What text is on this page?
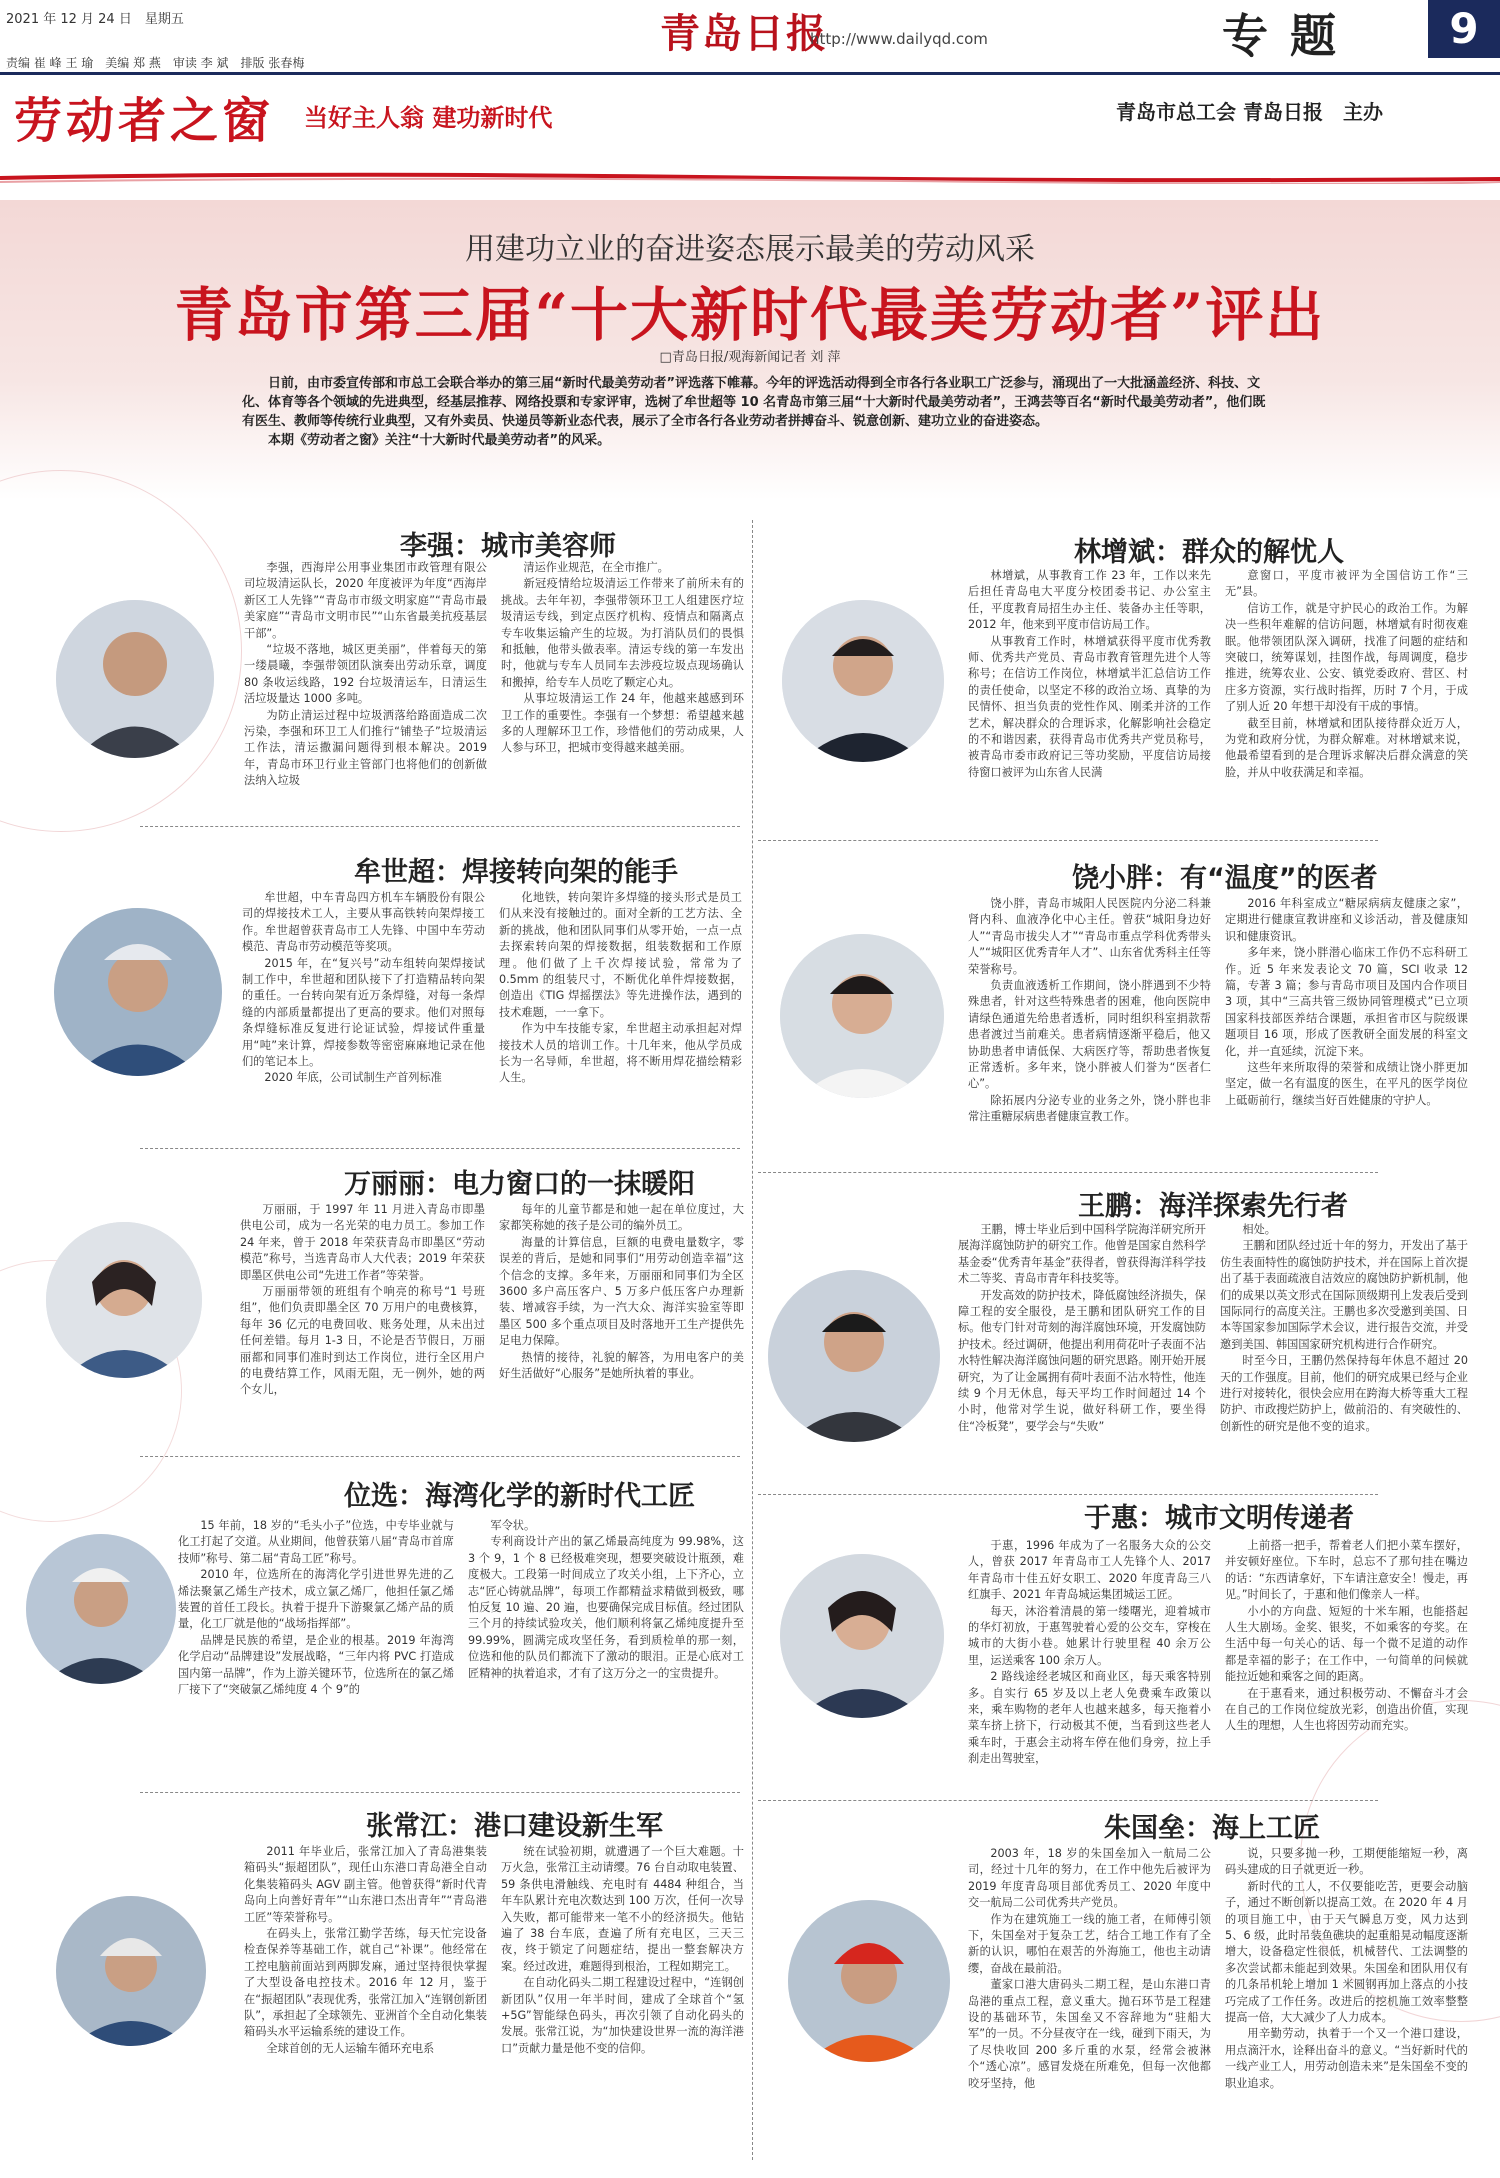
2021 年 12 月 24 日　星期五
责编 崔 峰 王 瑜　美编 郑 燕　审读 李 斌　排版 张春梅
青岛日报
http://www.dailyqd.com	专题	9
劳动者之窗 当好主人翁 建功新时代	青岛市总工会 青岛日报　主办
用建功立业的奋进姿态展示最美的劳动风采
青岛市第三届“十大新时代最美劳动者”评出
□青岛日报/观海新闻记者 刘 萍

日前，由市委宣传部和市总工会联合举办的第三届“新时代最美劳动者”评选落下帷幕。今年的评选活动得到全市各行各业职工广泛参与，涌现出了一大批涵盖经济、科技、文化、体育等各个领域的先进典型，经基层推荐、网络投票和专家评审，选树了牟世超等 10 名青岛市第三届“十大新时代最美劳动者”，王鸿芸等百名“新时代最美劳动者”，他们既有医生、教师等传统行业典型，又有外卖员、快递员等新业态代表，展示了全市各行各业劳动者拼搏奋斗、锐意创新、建功立业的奋进姿态。

本期《劳动者之窗》关注“十大新时代最美劳动者”的风采。

李强：城市美容师

李强，西海岸公用事业集团市政管理有限公司垃圾清运队长，2020 年度被评为年度“西海岸新区工人先锋”“青岛市市级文明家庭”“青岛市最美家庭”“青岛市文明市民”“山东省最美抗疫基层干部”。

“垃圾不落地，城区更美丽”，伴着每天的第一缕晨曦，李强带领团队演奏出劳动乐章，调度 80 条收运线路，192 台垃圾清运车，日清运生活垃圾量达 1000 多吨。

为防止清运过程中垃圾洒落给路面造成二次污染，李强和环卫工人们推行“铺垫子”垃圾清运工作法，清运撒漏问题得到根本解决。2019 年，青岛市环卫行业主管部门也将他们的创新做法纳入垃圾

清运作业规范，在全市推广。

新冠疫情给垃圾清运工作带来了前所未有的挑战。去年年初，李强带领环卫工人组建医疗垃圾清运专线，到定点医疗机构、疫情点和隔离点专车收集运输产生的垃圾。为打消队员们的畏惧和抵触，他带头做表率。清运专线的第一车发出时，他就与专车人员同车去涉疫垃圾点现场确认和搬掉，给专车人员吃了颗定心丸。

从事垃圾清运工作 24 年，他越来越感到环卫工作的重要性。李强有一个梦想：希望越来越多的人理解环卫工作，珍惜他们的劳动成果，人人参与环卫，把城市变得越来越美丽。

牟世超：焊接转向架的能手

牟世超，中车青岛四方机车车辆股份有限公司的焊接技术工人，主要从事高铁转向架焊接工作。牟世超曾获青岛市工人先锋、中国中车劳动模范、青岛市劳动模范等奖项。

2015 年，在“复兴号”动车组转向架焊接试制工作中，牟世超和团队接下了打造精品转向架的重任。一台转向架有近万条焊缝，对每一条焊缝的内部质量都提出了更高的要求。他们对照每条焊缝标准反复进行论证试验，焊接试件重量用“吨”来计算，焊接参数等密密麻麻地记录在他们的笔记本上。

2020 年底，公司试制生产首列标准

化地铁，转向架许多焊缝的接头形式是员工们从来没有接触过的。面对全新的工艺方法、全新的挑战，他和团队同事们从零开始，一点一点去探索转向架的焊接数据，组装数据和工作原理。他们做了上千次焊接试验，常常为了 0.5mm 的组装尺寸，不断优化单件焊接数据，创造出《TIG 焊摇摆法》等先进操作法，遇到的技术难题，一一拿下。

作为中车技能专家，牟世超主动承担起对焊接技术人员的培训工作。十几年来，他从学员成长为一名导师，牟世超，将不断用焊花描绘精彩人生。

万丽丽：电力窗口的一抹暖阳

万丽丽，于 1997 年 11 月进入青岛市即墨供电公司，成为一名光荣的电力员工。参加工作 24 年来，曾于 2018 年荣获青岛市即墨区“劳动模范”称号，当选青岛市人大代表；2019 年荣获即墨区供电公司“先进工作者”等荣誉。

万丽丽带领的班组有个响亮的称号“1 号班组”，他们负责即墨全区 70 万用户的电费核算，每年 36 亿元的电费回收、账务处理，从未出过任何差错。每月 1-3 日，不论是否节假日，万丽丽都和同事们准时到达工作岗位，进行全区用户的电费结算工作，风雨无阻，无一例外，她的两个女儿，

每年的儿童节都是和她一起在单位度过，大家都笑称她的孩子是公司的编外员工。

海量的计算信息，巨额的电费电量数字，零误差的背后，是她和同事们“用劳动创造幸福”这个信念的支撑。多年来，万丽丽和同事们为全区 3600 多户高压客户、5 万多户低压客户办理新装、增减容手续，为一汽大众、海洋实验室等即墨区 500 多个重点项目及时落地开工生产提供先足电力保障。

热情的接待，礼貌的解答，为用电客户的美好生活做好“心服务”是她所执着的事业。

位选：海湾化学的新时代工匠

15 年前，18 岁的“毛头小子”位选，中专毕业就与化工打起了交道。从业期间，他曾获第八届“青岛市首席技师”称号、第二届“青岛工匠”称号。

2010 年，位选所在的海湾化学引进世界先进的乙烯法聚氯乙烯生产技术，成立氯乙烯厂，他担任氯乙烯装置的首任工段长。执着于提升下游聚氯乙烯产品的质量，化工厂就是他的“战场指挥部”。

品牌是民族的希望，是企业的根基。2019 年海湾化学启动“品牌建设”发展战略，“三年内将 PVC 打造成国内第一品牌”，作为上游关键环节，位选所在的氯乙烯厂接下了“突破氯乙烯纯度 4 个 9”的

军令状。

专利商设计产出的氯乙烯最高纯度为 99.98%，这 3 个 9，1 个 8 已经极难突现，想要突破设计瓶颈，难度极大。工段第一时间成立了攻关小组，上下齐心，立志“匠心铸就品牌”，每项工作都精益求精做到极致，哪怕反复 10 遍、20 遍，也要确保完成目标值。经过团队三个月的持续试验攻关，他们顺利将氯乙烯纯度提升至 99.99%，圆满完成攻坚任务，看到质检单的那一刻，位选和他的队员们都流下了激动的眼泪。正是心底对工匠精神的执着追求，才有了这万分之一的宝贵提升。

张常江：港口建设新生军

2011 年毕业后，张常江加入了青岛港集装箱码头“振超团队”，现任山东港口青岛港全自动化集装箱码头 AGV 副主管。他曾获得“新时代青岛向上向善好青年”“山东港口杰出青年”“青岛港工匠”等荣誉称号。

在码头上，张常江勤学苦练，每天忙完设备检查保养等基础工作，就自己“补课”。他经常在工控电脑前面站到两脚发麻，通过坚持很快掌握了大型设备电控技术。2016 年 12 月，鉴于在“振超团队”表现优秀，张常江加入“连钢创新团队”，承担起了全球领先、亚洲首个全自动化集装箱码头水平运输系统的建设工作。

全球首创的无人运输车循环充电系

统在试验初期，就遭遇了一个巨大难题。十万火急，张常江主动请缨。76 台自动取电装置、59 条供电滑触线、充电时有 4484 种组合，当年车队累计充电次数达到 100 万次，任何一次导入失败，都可能带来一笔不小的经济损失。他钻遍了 38 台车底，查遍了所有充电区，三天三夜，终于锁定了问题症结，提出一整套解决方案。经过改进，难题得到根治，工程如期完工。

在自动化码头二期工程建设过程中，“连钢创新团队”仅用一年半时间，建成了全球首个“氢+5G”智能绿色码头，再次引领了自动化码头的发展。张常江说，为“加快建设世界一流的海洋港口”贡献力量是他不变的信仰。

林增斌：群众的解忧人

林增斌，从事教育工作 23 年，工作以来先后担任青岛电大平度分校团委书记、办公室主任，平度教育局招生办主任、装备办主任等职，2012 年，他来到平度市信访局工作。

从事教育工作时，林增斌获得平度市优秀教师、优秀共产党员、青岛市教育管理先进个人等称号；在信访工作岗位，林增斌半汇总信访工作的责任使命，以坚定不移的政治立场、真挚的为民情怀、担当负责的党性作风、刚柔并济的工作艺术，解决群众的合理诉求，化解影响社会稳定的不和谐因素，获得青岛市优秀共产党员称号，被青岛市委市政府记三等功奖励，平度信访局接待窗口被评为山东省人民满

意窗口，平度市被评为全国信访工作“三无”县。

信访工作，就是守护民心的政治工作。为解决一些积年难解的信访问题，林增斌有时彻夜难眠。他带领团队深入调研，找准了问题的症结和突破口，统筹谋划，挂图作战，每周调度，稳步推进，统筹农业、公安、镇党委政府、营区、村庄多方资源，实行战时指挥，历时 7 个月，于成了别人近 20 年想干却没有干成的事情。

截至目前，林增斌和团队接待群众近万人，为党和政府分忧，为群众解难。对林增斌来说，他最希望看到的是合理诉求解决后群众满意的笑脸，并从中收获满足和幸福。

饶小胖：有“温度”的医者

饶小胖，青岛市城阳人民医院内分泌二科兼肾内科、血液净化中心主任。曾获“城阳身边好人”“青岛市拔尖人才”“青岛市重点学科优秀带头人”“城阳区优秀青年人才”、山东省优秀科主任等荣誉称号。

负责血液透析工作期间，饶小胖遇到不少特殊患者，针对这些特殊患者的困难，他向医院申请绿色通道先给患者透析，同时组织科室捐款帮患者渡过当前难关。患者病情逐渐平稳后，他又协助患者申请低保、大病医疗等，帮助患者恢复正常透析。多年来，饶小胖被人们誉为“医者仁心”。

除拓展内分泌专业的业务之外，饶小胖也非常注重糖尿病患者健康宣教工作。

2016 年科室成立“糖尿病病友健康之家”，定期进行健康宣教讲座和义诊活动，普及健康知识和健康资讯。

多年来，饶小胖潜心临床工作仍不忘科研工作。近 5 年来发表论文 70 篇，SCI 收录 12 篇，专著 3 篇；参与青岛市项目及国内合作项目 3 项，其中“三高共管三级协同管理模式”已立项国家科技部医养结合课题，承担省市区与院级课题项目 16 项，形成了医教研全面发展的科室文化，并一直延续，沉淀下来。

这些年来所取得的荣誉和成绩让饶小胖更加坚定，做一名有温度的医生，在平凡的医学岗位上砥砺前行，继续当好百姓健康的守护人。

王鹏：海洋探索先行者

王鹏，博士毕业后到中国科学院海洋研究所开展海洋腐蚀防护的研究工作。他曾是国家自然科学基金委“优秀青年基金”获得者，曾获得海洋科学技术二等奖、青岛市青年科技奖等。

开发高效的防护技术，降低腐蚀经济损失，保障工程的安全服役，是王鹏和团队研究工作的目标。他专门针对苛刻的海洋腐蚀环境，开发腐蚀防护技术。经过调研，他提出利用荷花叶子表面不沾水特性解决海洋腐蚀问题的研究思路。刚开始开展研究，为了让金属拥有荷叶表面不沾水特性，他连续 9 个月无休息，每天平均工作时间超过 14 个小时，他常对学生说，做好科研工作，要坐得住“冷板凳”，要学会与“失败”

相处。

王鹏和团队经过近十年的努力，开发出了基于仿生表面特性的腐蚀防护技术，并在国际上首次提出了基于表面疏液自洁效应的腐蚀防护新机制，他们的成果以英文形式在国际顶级期刊上发表后受到国际同行的高度关注。王鹏也多次受邀到美国、日本等国家参加国际学术会议，进行报告交流，并受邀到美国、韩国国家研究机构进行合作研究。

时至今日，王鹏仍然保持每年休息不超过 20 天的工作强度。目前，他们的研究成果已经与企业进行对接转化，很快会应用在跨海大桥等重大工程防护、市政搜烂防护上，做前沿的、有突破性的、创新性的研究是他不变的追求。

于惠：城市文明传递者

于惠，1996 年成为了一名服务大众的公交人，曾获 2017 年青岛市工人先锋个人、2017 年青岛市十佳五好女职工、2020 年度青岛三八红旗手、2021 年青岛城运集团城运工匠。

每天，沐浴着清晨的第一缕曙光，迎着城市的华灯初放，于惠驾驶着心爱的公交车，穿梭在城市的大街小巷。她累计行驶里程 40 余万公里，运送乘客 100 余万人。

2 路线途经老城区和商业区，每天乘客特别多。自实行 65 岁及以上老人免费乘车政策以来，乘车购物的老年人也越来越多，每天拖着小菜车挤上挤下，行动极其不便，当看到这些老人乘车时，于惠会主动将车停在他们身旁，拉上手刹走出驾驶室，

上前搭一把手，帮着老人们把小菜车摆好，并安顿好座位。下车时，总忘不了那句挂在嘴边的话：“东西请拿好，下车请注意安全！慢走，再见。”时间长了，于惠和他们像亲人一样。

小小的方向盘、短短的十米车厢，也能搭起人生大剧场。金奖、银奖，不如乘客的夸奖。在生活中每一句关心的话、每一个微不足道的动作都是幸福的影子；在工作中，一句简单的问候就能拉近她和乘客之间的距离。

在于惠看来，通过积极劳动、不懈奋斗才会在自己的工作岗位绽放光彩，创造出价值，实现人生的理想，人生也将因劳动而充实。

朱国垒：海上工匠

2003 年，18 岁的朱国垒加入一航局二公司，经过十几年的努力，在工作中他先后被评为 2019 年度青岛项目部优秀员工、2020 年度中交一航局二公司优秀共产党员。

作为在建筑施工一线的施工者，在师傅引领下，朱国垒对于复杂工艺，结合工地工作有了全新的认识，哪怕在艰苦的外海施工，他也主动请缨，奋战在最前沿。

董家口港大唐码头二期工程，是山东港口青岛港的重点工程，意义重大。抛石环节是工程建设的基础环节，朱国垒又不容辞地为“驻船大军”的一员。不分昼夜守在一线，碰到下雨天，为了尽快收回 200 多斤重的水泵，经常会被淋个“透心凉”。感冒发烧在所难免，但每一次他都咬牙坚持，他

说，只要多抛一秒，工期便能缩短一秒，离码头建成的日子就更近一秒。

新时代的工人，不仅要能吃苦，更要会动脑子，通过不断创新以提高工效。在 2020 年 4 月的项目施工中，由于天气瞬息万变，风力达到 5、6 级，此时吊装鱼礁块的起重船晃动幅度逐渐增大，设备稳定性很低，机械替代、工法调整的多次尝试都未能起到效果。朱国垒和团队用仅有的几条吊机轮上增加 1 米圆钢再加上落点的小技巧完成了工作任务。改进后的挖机施工效率整整提高一倍，大大减少了人力成本。

用辛勤劳动，执着于一个又一个港口建设，用点滴汗水，诠释出奋斗的意义。“当好新时代的一线产业工人，用劳动创造未来”是朱国垒不变的职业追求。
